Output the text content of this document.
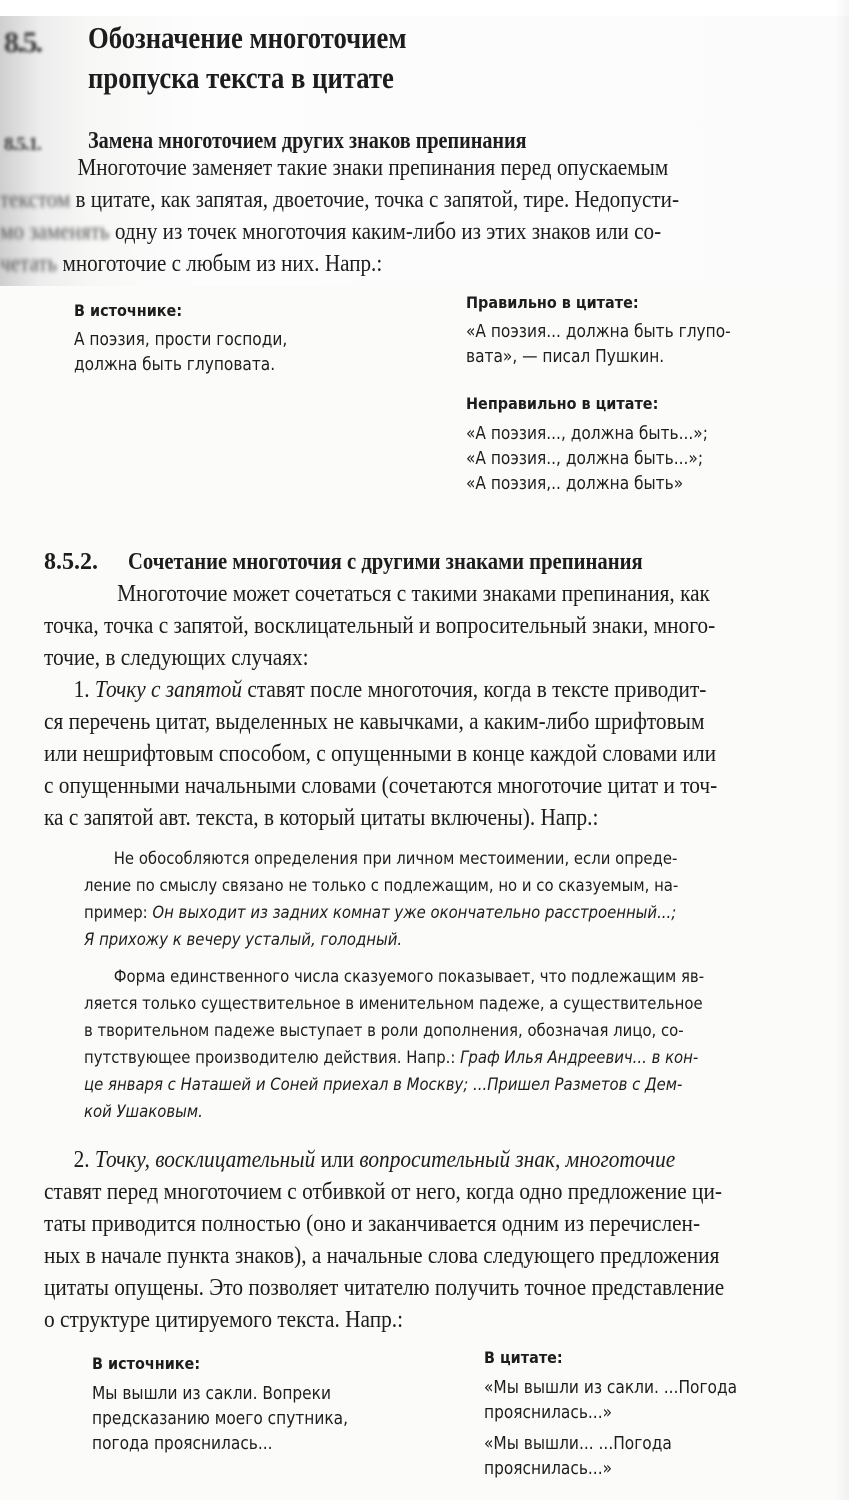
8.5. Обозначение многоточием
пропуска текста в цитате
8.5.1. Замена многоточием других знаков препинания
Многоточие заменяет такие знаки препинания перед опускаемым
текстом в цитате, как запятая, двоеточие, точка с запятой, тире. Недопусти-
мо заменять одну из точек многоточия каким-либо из этих знаков или со-
четать многоточие с любым из них. Напр.:
В источнике:
А поэзия, прости господи,
должна быть глуповата.
Правильно в цитате:
«А поэзия... должна быть глупо-
вата», — писал Пушкин.
Неправильно в цитате:
«А поэзия..., должна быть...»;
«А поэзия.., должна быть...»;
«А поэзия,.. должна быть»
8.5.2. Сочетание многоточия с другими знаками препинания
Многоточие может сочетаться с такими знаками препинания, как
точка, точка с запятой, восклицательный и вопросительный знаки, много-
точие, в следующих случаях:
1. Точку с запятой ставят после многоточия, когда в тексте приводит-
ся перечень цитат, выделенных не кавычками, а каким-либо шрифтовым
или нешрифтовым способом, с опущенными в конце каждой словами или
с опущенными начальными словами (сочетаются многоточие цитат и точ-
ка с запятой авт. текста, в который цитаты включены). Напр.:
Не обособляются определения при личном местоимении, если опреде-
ление по смыслу связано не только с подлежащим, но и со сказуемым, на-
пример: Он выходит из задних комнат уже окончательно расстроенный...;
Я прихожу к вечеру усталый, голодный.
Форма единственного числа сказуемого показывает, что подлежащим яв-
ляется только существительное в именительном падеже, а существительное
в творительном падеже выступает в роли дополнения, обозначая лицо, со-
путствующее производителю действия. Напр.: Граф Илья Андреевич... в кон-
це января с Наташей и Соней приехал в Москву; ...Пришел Разметов с Дем-
кой Ушаковым.
2. Точку, восклицательный или вопросительный знак, многоточие
ставят перед многоточием с отбивкой от него, когда одно предложение ци-
таты приводится полностью (оно и заканчивается одним из перечислен-
ных в начале пункта знаков), а начальные слова следующего предложения
цитаты опущены. Это позволяет читателю получить точное представление
о структуре цитируемого текста. Напр.:
В источнике:
Мы вышли из сакли. Вопреки
предсказанию моего спутника,
погода прояснилась...
В цитате:
«Мы вышли из сакли. ...Погода
прояснилась...»
«Мы вышли... ...Погода
прояснилась...»
